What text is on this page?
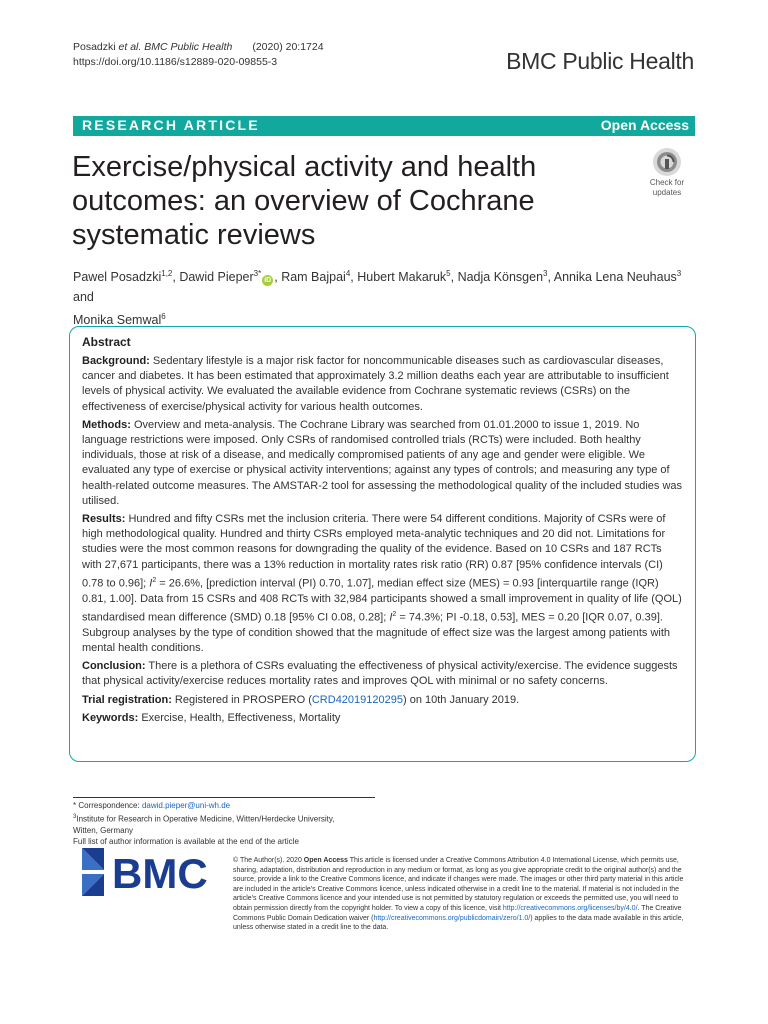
Posadzki et al. BMC Public Health (2020) 20:1724
https://doi.org/10.1186/s12889-020-09855-3	BMC Public Health
RESEARCH ARTICLE	Open Access
Exercise/physical activity and health outcomes: an overview of Cochrane systematic reviews
Check for
updates
Pawel Posadzki$^{1,2}$, Dawid Pieper$^{3*}$iD , Ram Bajpai$^4$, Hubert Makaruk$^5$, Nadja Könsgen$^3$, Annika Lena Neuhaus$^3$ and
Monika Semwal$^6$
Abstract

Background: Sedentary lifestyle is a major risk factor for noncommunicable diseases such as cardiovascular diseases, cancer and diabetes. It has been estimated that approximately 3.2 million deaths each year are attributable to insufficient levels of physical activity. We evaluated the available evidence from Cochrane systematic reviews (CSRs) on the effectiveness of exercise/physical activity for various health outcomes.

Methods: Overview and meta-analysis. The Cochrane Library was searched from 01.01.2000 to issue 1, 2019. No language restrictions were imposed. Only CSRs of randomised controlled trials (RCTs) were included. Both healthy individuals, those at risk of a disease, and medically compromised patients of any age and gender were eligible. We evaluated any type of exercise or physical activity interventions; against any types of controls; and measuring any type of health-related outcome measures. The AMSTAR-2 tool for assessing the methodological quality of the included studies was utilised.

Results: Hundred and fifty CSRs met the inclusion criteria. There were 54 different conditions. Majority of CSRs were of high methodological quality. Hundred and thirty CSRs employed meta-analytic techniques and 20 did not. Limitations for studies were the most common reasons for downgrading the quality of the evidence. Based on 10 CSRs and 187 RCTs with 27,671 participants, there was a 13% reduction in mortality rates risk ratio (RR) 0.87 [95% confidence intervals (CI) 0.78 to 0.96]; $I^2 = 26.6\%$, [prediction interval (PI) 0.70, 1.07], median effect size (MES) = 0.93 [interquartile range (IQR) 0.81, 1.00]. Data from 15 CSRs and 408 RCTs with 32,984 participants showed a small improvement in quality of life (QOL) standardised mean difference (SMD) 0.18 [95% CI 0.08, 0.28]; $I^2 = 74.3\%$; PI -0.18, 0.53], MES = 0.20 [IQR 0.07, 0.39]. Subgroup analyses by the type of condition showed that the magnitude of effect size was the largest among patients with mental health conditions.

Conclusion: There is a plethora of CSRs evaluating the effectiveness of physical activity/exercise. The evidence suggests that physical activity/exercise reduces mortality rates and improves QOL with minimal or no safety concerns.

Trial registration: Registered in PROSPERO (CRD42019120295) on 10th January 2019.

Keywords: Exercise, Health, Effectiveness, Mortality

* Correspondence: dawid.pieper@uni-wh.de
$^3$Institute for Research in Operative Medicine, Witten/Herdecke University,
Witten, Germany
Full list of author information is available at the end of the article
BMC	© The Author(s). 2020 Open Access This article is licensed under a Creative Commons Attribution 4.0 International License, which permits use, sharing, adaptation, distribution and reproduction in any medium or format, as long as you give appropriate credit to the original author(s) and the source, provide a link to the Creative Commons licence, and indicate if changes were made. The images or other third party material in this article are included in the article's Creative Commons licence, unless indicated otherwise in a credit line to the material. If material is not included in the article's Creative Commons licence and your intended use is not permitted by statutory regulation or exceeds the permitted use, you will need to obtain permission directly from the copyright holder. To view a copy of this licence, visit http://creativecommons.org/licenses/by/4.0/. The Creative Commons Public Domain Dedication waiver (http://creativecommons.org/publicdomain/zero/1.0/) applies to the data made available in this article, unless otherwise stated in a credit line to the data.
